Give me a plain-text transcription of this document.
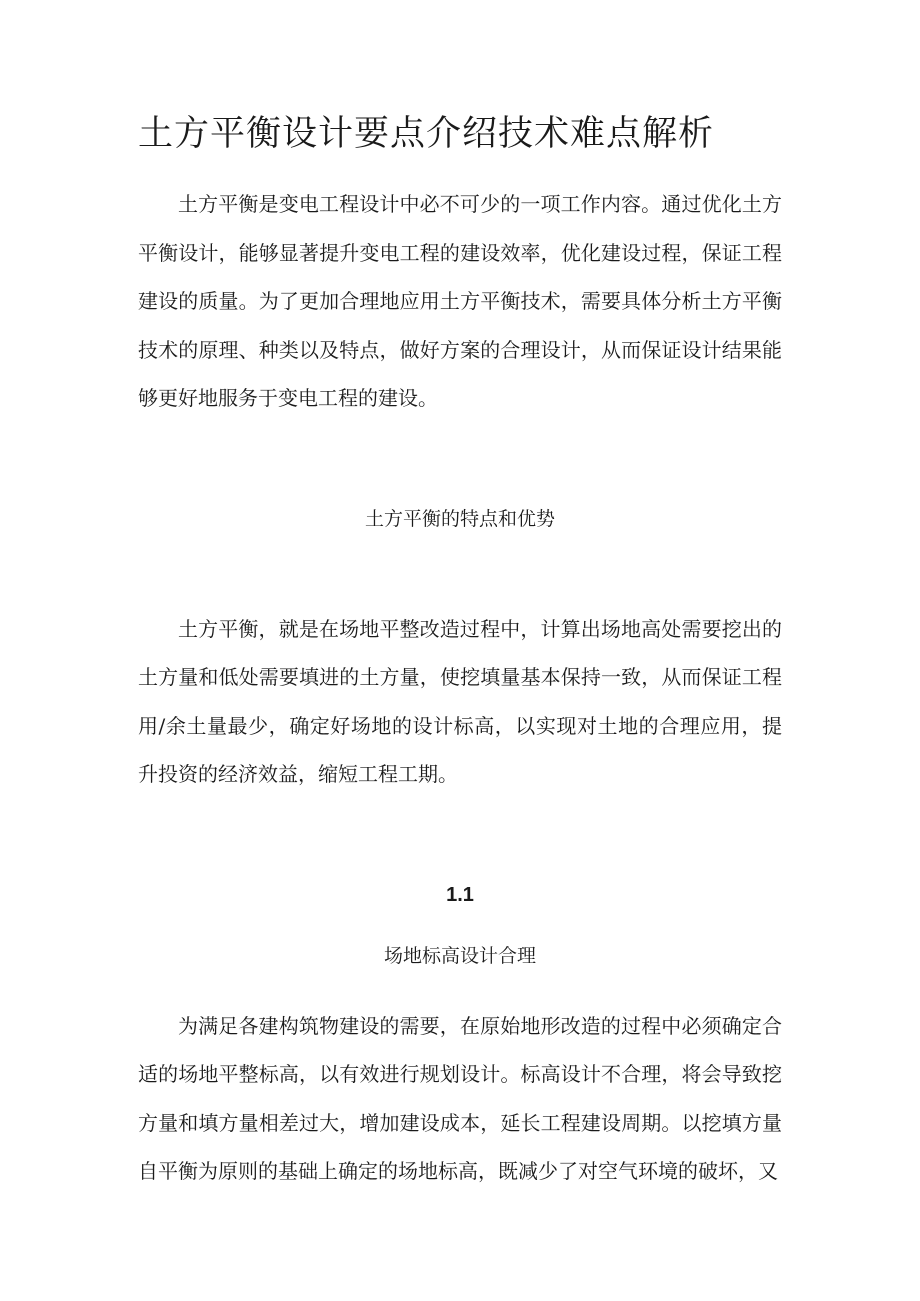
土方平衡设计要点介绍技术难点解析

土方平衡是变电工程设计中必不可少的一项工作内容。通过优化土方平衡设计，能够显著提升变电工程的建设效率，优化建设过程，保证工程建设的质量。为了更加合理地应用土方平衡技术，需要具体分析土方平衡技术的原理、种类以及特点，做好方案的合理设计，从而保证设计结果能够更好地服务于变电工程的建设。

土方平衡的特点和优势

土方平衡，就是在场地平整改造过程中，计算出场地高处需要挖出的土方量和低处需要填进的土方量，使挖填量基本保持一致，从而保证工程用/余土量最少，确定好场地的设计标高，以实现对土地的合理应用，提升投资的经济效益，缩短工程工期。

1.1

场地标高设计合理

为满足各建构筑物建设的需要，在原始地形改造的过程中必须确定合适的场地平整标高，以有效进行规划设计。标高设计不合理，将会导致挖方量和填方量相差过大，增加建设成本，延长工程建设周期。以挖填方量自平衡为原则的基础上确定的场地标高，既减少了对空气环境的破坏，又
